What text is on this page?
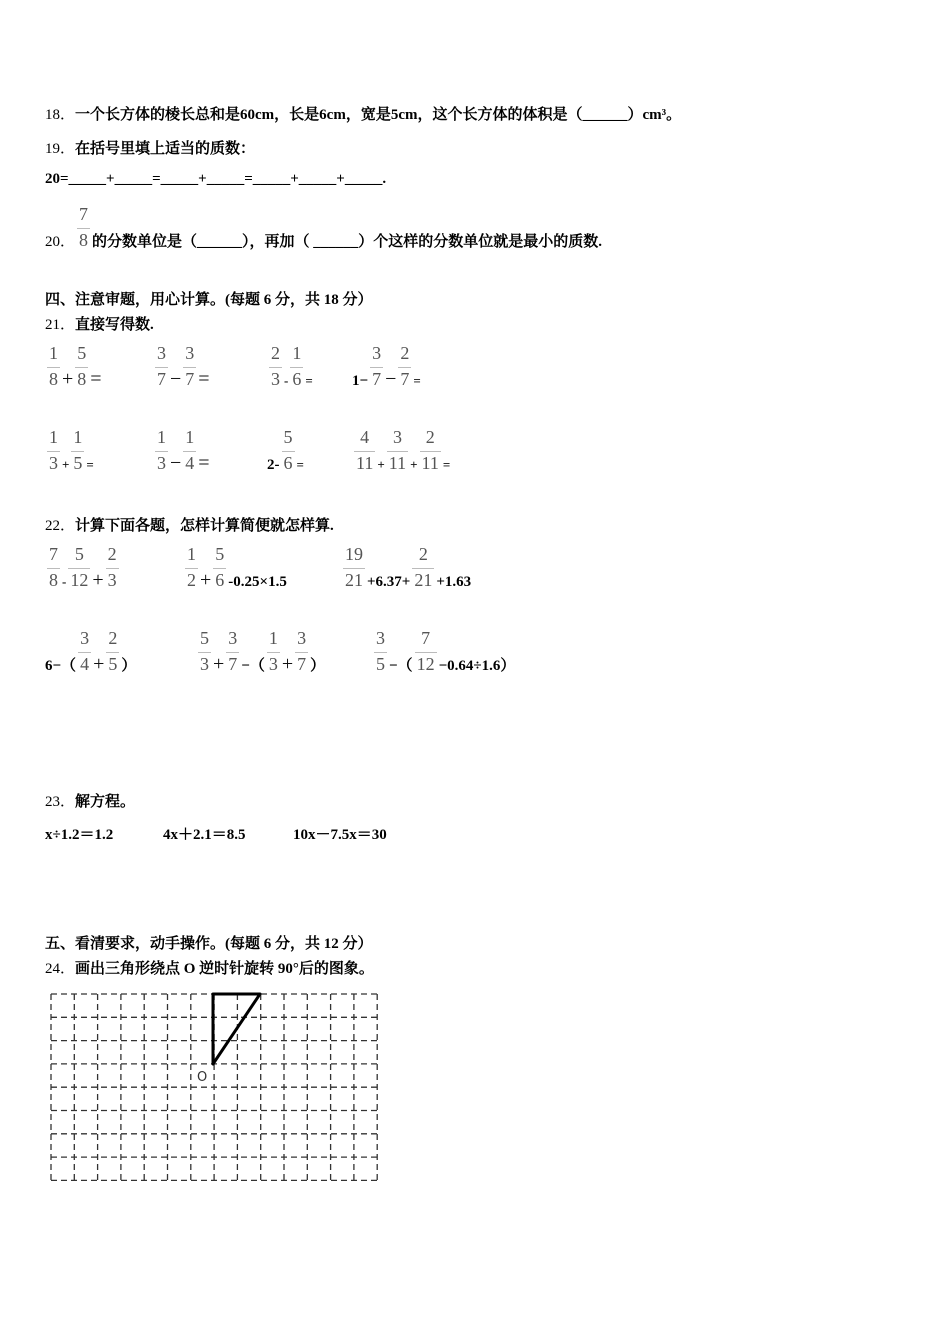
18．一个长方体的棱长总和是60cm，长是6cm，宽是5cm，这个长方体的体积是（______）cm³。
19．在括号里填上适当的质数：
20=_____+_____=_____+_____=_____+_____+_____.
20． $\frac{7}{8}$ 的分数单位是（______），再加（ ______）个这样的分数单位就是最小的质数.
四、注意审题，用心计算。(每题 6 分，共 18 分）
21．直接写得数.
$\frac{1}{8} + \frac{5}{8}$ =	$\frac{3}{7} - \frac{3}{7}$ =	$\frac{2}{3} - \frac{1}{6}$ =	$1- \frac{3}{7} - \frac{2}{7}$ =
$\frac{1}{3} + \frac{1}{5}$ =	$\frac{1}{3} - \frac{1}{4}$ =	$2- \frac{5}{6}$ =	$\frac{4}{11} + \frac{3}{11} + \frac{2}{11}$ =
22．计算下面各题，怎样计算简便就怎样算.
$\frac{7}{8} - \frac{5}{12} + \frac{2}{3}$	$\frac{1}{2} + \frac{5}{6} -0.25\times 1.5$	$\frac{19}{21} +6.37+ \frac{2}{21} +1.63$
$6-( \frac{3}{4} + \frac{2}{5}$ ）	$\frac{5}{3} + \frac{3}{7}$ −（ $\frac{1}{3} + \frac{3}{7}$ ）	$\frac{3}{5}$ −（ $\frac{7}{12} -0.64\div 1.6$）
23．解方程。
x÷1.2＝1.2	4x＋2.1＝8.5	10x－7.5x＝30
五、看清要求，动手操作。(每题 6 分，共 12 分）
24．画出三角形绕点 O 逆时针旋转 90°后的图象。
O
